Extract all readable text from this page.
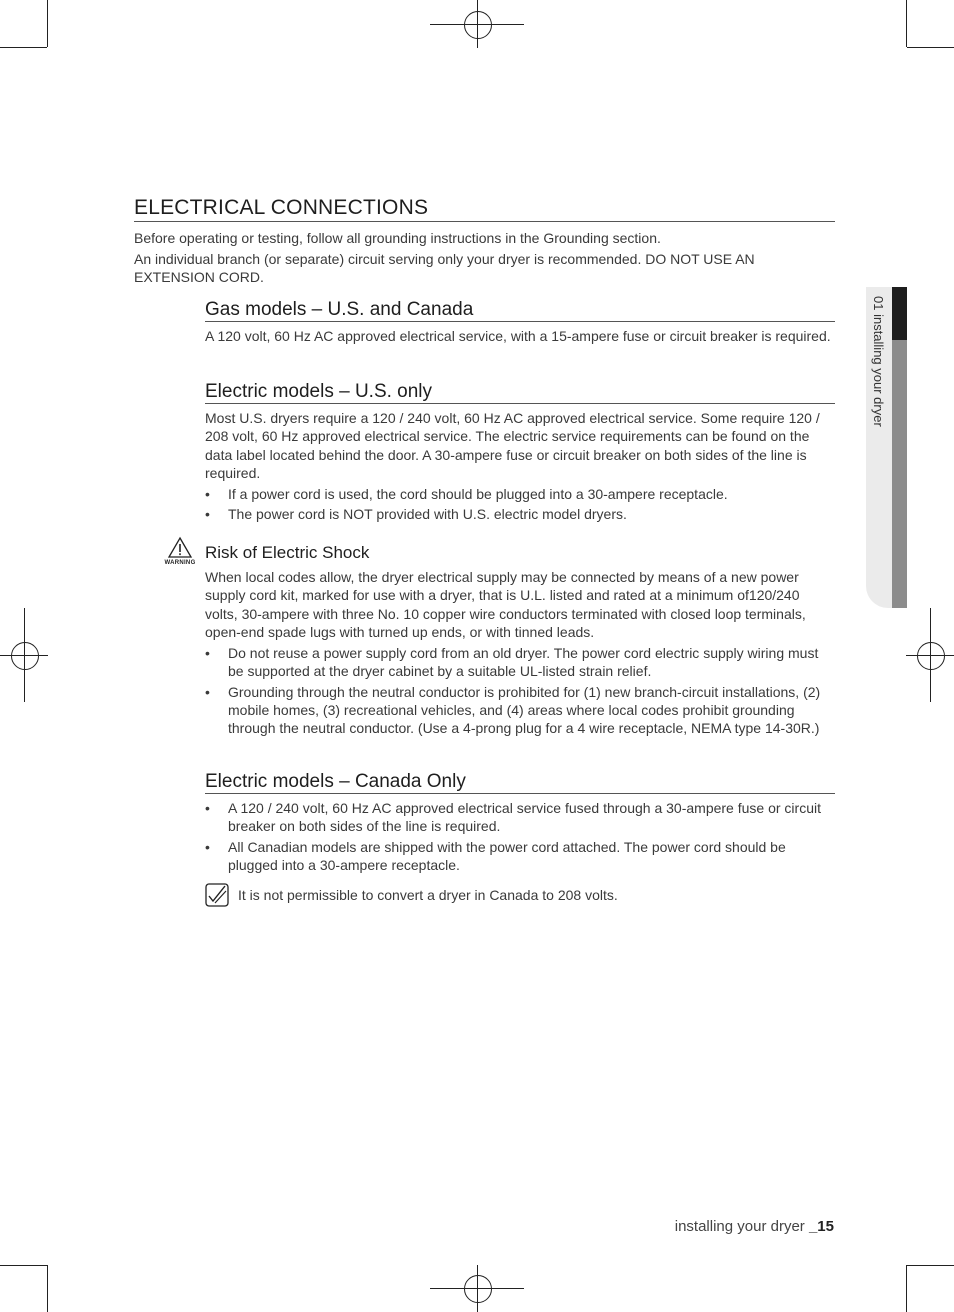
ELECTRICAL CONNECTIONS

Before operating or testing, follow all grounding instructions in the Grounding section.

An individual branch (or separate) circuit serving only your dryer is recommended. DO NOT USE AN EXTENSION CORD.

Gas models – U.S. and Canada

A 120 volt, 60 Hz AC approved electrical service, with a 15-ampere fuse or circuit breaker is required.

Electric models – U.S. only

Most U.S. dryers require a 120 / 240 volt, 60 Hz AC approved electrical service. Some require 120 / 208 volt, 60 Hz approved electrical service. The electric service requirements can be found on the data label located behind the door. A 30-ampere fuse or circuit breaker on both sides of the line is required.

• If a power cord is used, the cord should be plugged into a 30-ampere receptacle.
• The power cord is NOT provided with U.S. electric model dryers.
WARNING
Risk of Electric Shock

When local codes allow, the dryer electrical supply may be connected by means of a new power supply cord kit, marked for use with a dryer, that is U.L. listed and rated at a minimum of120/240 volts, 30-ampere with three No. 10 copper wire conductors terminated with closed loop terminals, open-end spade lugs with turned up ends, or with tinned leads.

• Do not reuse a power supply cord from an old dryer. The power cord electric supply wiring must be supported at the dryer cabinet by a suitable UL-listed strain relief.
• Grounding through the neutral conductor is prohibited for (1) new branch-circuit installations, (2) mobile homes, (3) recreational vehicles, and (4) areas where local codes prohibit grounding through the neutral conductor. (Use a 4-prong plug for a 4 wire receptacle, NEMA type 14-30R.)
Electric models – Canada Only
• A 120 / 240 volt, 60 Hz AC approved electrical service fused through a 30-ampere fuse or circuit breaker on both sides of the line is required.
• All Canadian models are shipped with the power cord attached. The power cord should be plugged into a 30-ampere receptacle.
It is not permissible to convert a dryer in Canada to 208 volts.
01 installing your dryer
installing your dryer _15
